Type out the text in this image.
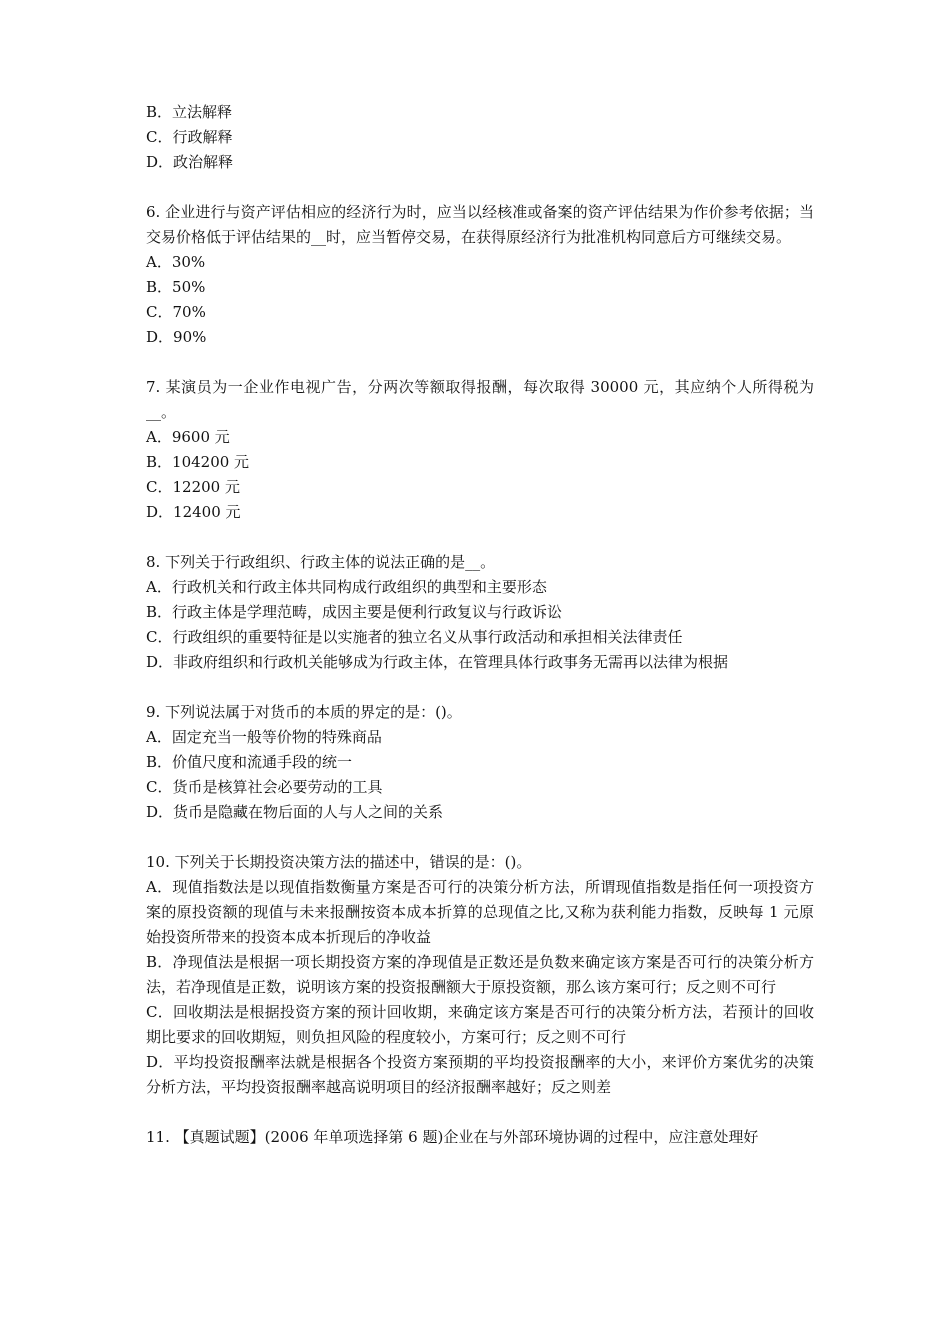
B．立法解释
C．行政解释
D．政治解释
6. 企业进行与资产评估相应的经济行为时，应当以经核准或备案的资产评估结果为作价参考依据；当交易价格低于评估结果的__时，应当暂停交易，在获得原经济行为批准机构同意后方可继续交易。
A．30%
B．50%
C．70%
D．90%
7. 某演员为一企业作电视广告，分两次等额取得报酬，每次取得 30000 元，其应纳个人所得税为__。
A．9600 元
B．104200 元
C．12200 元
D．12400 元
8. 下列关于行政组织、行政主体的说法正确的是__。
A．行政机关和行政主体共同构成行政组织的典型和主要形态
B．行政主体是学理范畴，成因主要是便利行政复议与行政诉讼
C．行政组织的重要特征是以实施者的独立名义从事行政活动和承担相关法律责任
D．非政府组织和行政机关能够成为行政主体，在管理具体行政事务无需再以法律为根据
9. 下列说法属于对货币的本质的界定的是：()。
A．固定充当一般等价物的特殊商品
B．价值尺度和流通手段的统一
C．货币是核算社会必要劳动的工具
D．货币是隐藏在物后面的人与人之间的关系
10. 下列关于长期投资决策方法的描述中，错误的是：()。
A．现值指数法是以现值指数衡量方案是否可行的决策分析方法，所谓现值指数是指任何一项投资方案的原投资额的现值与未来报酬按资本成本折算的总现值之比,又称为获利能力指数，反映每 1 元原始投资所带来的投资本成本折现后的净收益
B．净现值法是根据一项长期投资方案的净现值是正数还是负数来确定该方案是否可行的决策分析方法，若净现值是正数，说明该方案的投资报酬额大于原投资额，那么该方案可行；反之则不可行
C．回收期法是根据投资方案的预计回收期，来确定该方案是否可行的决策分析方法，若预计的回收期比要求的回收期短，则负担风险的程度较小，方案可行；反之则不可行
D．平均投资报酬率法就是根据各个投资方案预期的平均投资报酬率的大小，来评价方案优劣的决策分析方法，平均投资报酬率越高说明项目的经济报酬率越好；反之则差
11. 【真题试题】(2006 年单项选择第 6 题)企业在与外部环境协调的过程中，应注意处理好
